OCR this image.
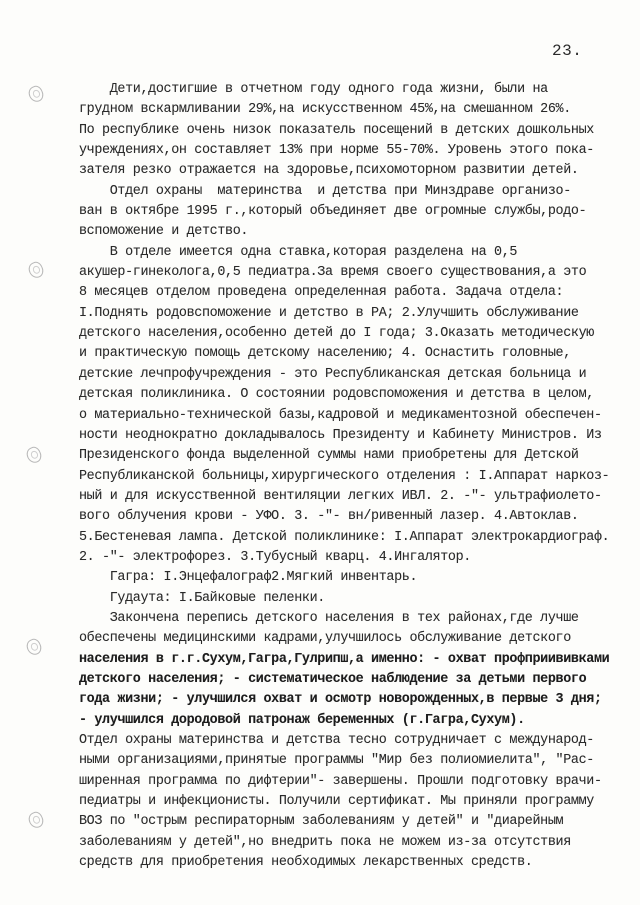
23.
Дети,достигшие в отчетном году одного года жизни, были на
грудном вскармливании 29%,на искусственном 45%,на смешанном 26%.
По республике очень низок показатель посещений в детских дошкольных
учреждениях,он составляет 13% при норме 55-70%. Уровень этого пока-
зателя резко отражается на здоровье,психомоторном развитии детей.
Отдел охраны  материнства  и детства при Минздраве организо-
ван в октябре 1995 г.,который объединяет две огромные службы,родо-
вспоможение и детство.
В отделе имеется одна ставка,которая разделена на 0,5
акушер-гинеколога,0,5 педиатра.За время своего существования,а это
8 месяцев отделом проведена определенная работа. Задача отдела:
I.Поднять родовспоможение и детство в РА; 2.Улучшить обслуживание
детского населения,особенно детей до I года; 3.Оказать методическую
и практическую помощь детскому населению; 4. Оснастить головные,
детские лечпрофучреждения - это Республиканская детская больница и
детская поликлиника. О состоянии родовспоможения и детства в целом,
о материально-технической базы,кадровой и медикаментозной обеспечен-
ности неоднократно докладывалось Президенту и Кабинету Министров. Из
Президенского фонда выделенной суммы нами приобретены для Детской
Республиканской больницы,хирургического отделения : I.Аппарат наркоз-
ный и для искусственной вентиляции легких ИВЛ. 2. -"- ультрафиолето-
вого облучения крови - УФО. 3. -"- вн/ривенный лазер. 4.Автоклав.
5.Бестеневая лампа. Детской поликлинике: I.Аппарат электрокардиограф.
2. -"- электрофорез. 3.Тубусный кварц. 4.Ингалятор.
Гагра: I.Энцефалограф2.Мягкий инвентарь.
Гудаута: I.Байковые пеленки.
Закончена перепись детского населения в тех районах,где лучше
обеспечены медицинскими кадрами,улучшилось обслуживание детского
населения в г.г.Сухум,Гагра,Гулрипш,а именно: - охват профприививками
детского населения; - систематическое наблюдение за детьми первого
года жизни; - улучшился охват и осмотр новорожденных,в первые 3 дня;
- улучшился дородовой патронаж беременных (г.Гагра,Сухум).
Отдел охраны материнства и детства тесно сотрудничает с международ-
ными организациями,принятые программы "Мир без полиомиелита", "Рас-
ширенная программа по дифтерии"- завершены. Прошли подготовку врачи-
педиатры и инфекционисты. Получили сертификат. Мы приняли программу
ВОЗ по "острым респираторным заболеваниям у детей" и "диарейным
заболеваниям у детей",но внедрить пока не можем из-за отсутствия
средств для приобретения необходимых лекарственных средств.
